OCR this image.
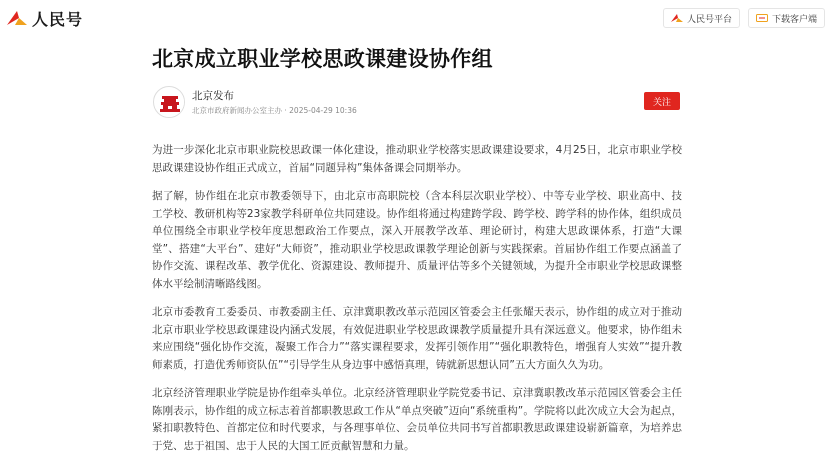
人民号	人民号平台	下载客户端
北京成立职业学校思政课建设协作组
北京发布
北京市政府新闻办公室主办 · 2025-04-29 10:36
关注

为进一步深化北京市职业院校思政课一体化建设，推动职业学校落实思政课建设要求，4月25日，北京市职业学校思政课建设协作组正式成立，首届“同题异构”集体备课会同期举办。

据了解，协作组在北京市教委领导下，由北京市高职院校（含本科层次职业学校）、中等专业学校、职业高中、技工学校、教研机构等23家教学科研单位共同建设。协作组将通过构建跨学段、跨学校、跨学科的协作体，组织成员单位围绕全市职业学校年度思想政治工作要点，深入开展教学改革、理论研讨，构建大思政课体系，打造“大课堂”、搭建“大平台”、建好“大师资”，推动职业学校思政课教学理论创新与实践探索。首届协作组工作要点涵盖了协作交流、课程改革、教学优化、资源建设、教师提升、质量评估等多个关键领域，为提升全市职业学校思政课整体水平绘制清晰路线图。

北京市委教育工委委员、市教委副主任、京津冀职教改革示范园区管委会主任张耀天表示，协作组的成立对于推动北京市职业学校思政课建设内涵式发展，有效促进职业学校思政课教学质量提升具有深远意义。他要求，协作组未来应围绕“强化协作交流，凝聚工作合力”“落实课程要求，发挥引领作用”“强化职教特色，增强育人实效”“提升教师素质，打造优秀师资队伍”“引导学生从身边事中感悟真理，铸就新思想认同”五大方面久久为功。

北京经济管理职业学院是协作组牵头单位。北京经济管理职业学院党委书记、京津冀职教改革示范园区管委会主任陈刚表示，协作组的成立标志着首都职教思政工作从“单点突破”迈向“系统重构”。学院将以此次成立大会为起点，紧扣职教特色、首都定位和时代要求，与各理事单位、会员单位共同书写首都职教思政课建设崭新篇章，为培养忠于党、忠于祖国、忠于人民的大国工匠贡献智慧和力量。
